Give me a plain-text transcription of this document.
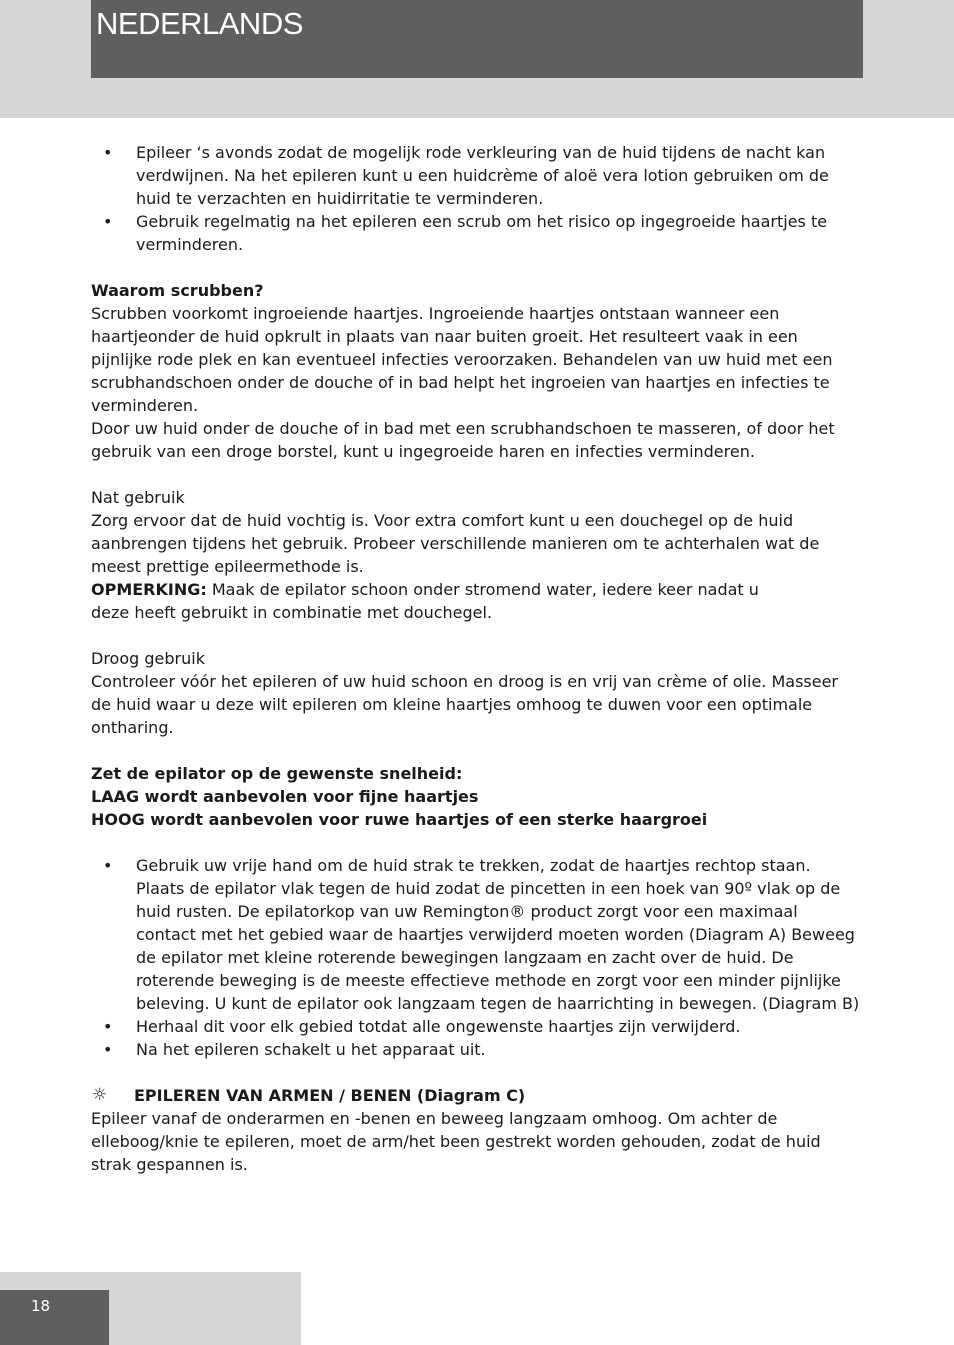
NEDERLANDS
• Epileer ‘s avonds zodat de mogelijk rode verkleuring van de huid tijdens de nacht kan verdwijnen. Na het epileren kunt u een huidcrème of aloë vera lotion gebruiken om de huid te verzachten en huidirritatie te verminderen.
• Gebruik regelmatig na het epileren een scrub om het risico op ingegroeide haartjes te verminderen.

Waarom scrubben?

Scrubben voorkomt ingroeiende haartjes. Ingroeiende haartjes ontstaan wanneer een haartjeonder de huid opkrult in plaats van naar buiten groeit. Het resulteert vaak in een pijnlijke rode plek en kan eventueel infecties veroorzaken. Behandelen van uw huid met een scrubhandschoen onder de douche of in bad helpt het ingroeien van haartjes en infecties te verminderen.

Door uw huid onder de douche of in bad met een scrubhandschoen te masseren, of door het gebruik van een droge borstel, kunt u ingegroeide haren en infecties verminderen.

Nat gebruik

Zorg ervoor dat de huid vochtig is. Voor extra comfort kunt u een douchegel op de huid aanbrengen tijdens het gebruik. Probeer verschillende manieren om te achterhalen wat de meest prettige epileermethode is.

OPMERKING: Maak de epilator schoon onder stromend water, iedere keer nadat u

deze heeft gebruikt in combinatie met douchegel.

Droog gebruik

Controleer vóór het epileren of uw huid schoon en droog is en vrij van crème of olie. Masseer de huid waar u deze wilt epileren om kleine haartjes omhoog te duwen voor een optimale ontharing.

Zet de epilator op de gewenste snelheid:

LAAG wordt aanbevolen voor fijne haartjes

HOOG wordt aanbevolen voor ruwe haartjes of een sterke haargroei

• Gebruik uw vrije hand om de huid strak te trekken, zodat de haartjes rechtop staan. Plaats de epilator vlak tegen de huid zodat de pincetten in een hoek van 90º vlak op de huid rusten. De epilatorkop van uw Remington® product zorgt voor een maximaal contact met het gebied waar de haartjes verwijderd moeten worden (Diagram A) Beweeg de epilator met kleine roterende bewegingen langzaam en zacht over de huid. De roterende beweging is de meeste effectieve methode en zorgt voor een minder pijnlijke beleving. U kunt de epilator ook langzaam tegen de haarrichting in bewegen. (Diagram B)
• Herhaal dit voor elk gebied totdat alle ongewenste haartjes zijn verwijderd.
• Na het epileren schakelt u het apparaat uit.

☼ EPILEREN VAN ARMEN / BENEN (Diagram C)

Epileer vanaf de onderarmen en -benen en beweeg langzaam omhoog. Om achter de elleboog/knie te epileren, moet de arm/het been gestrekt worden gehouden, zodat de huid strak gespannen is.

18
